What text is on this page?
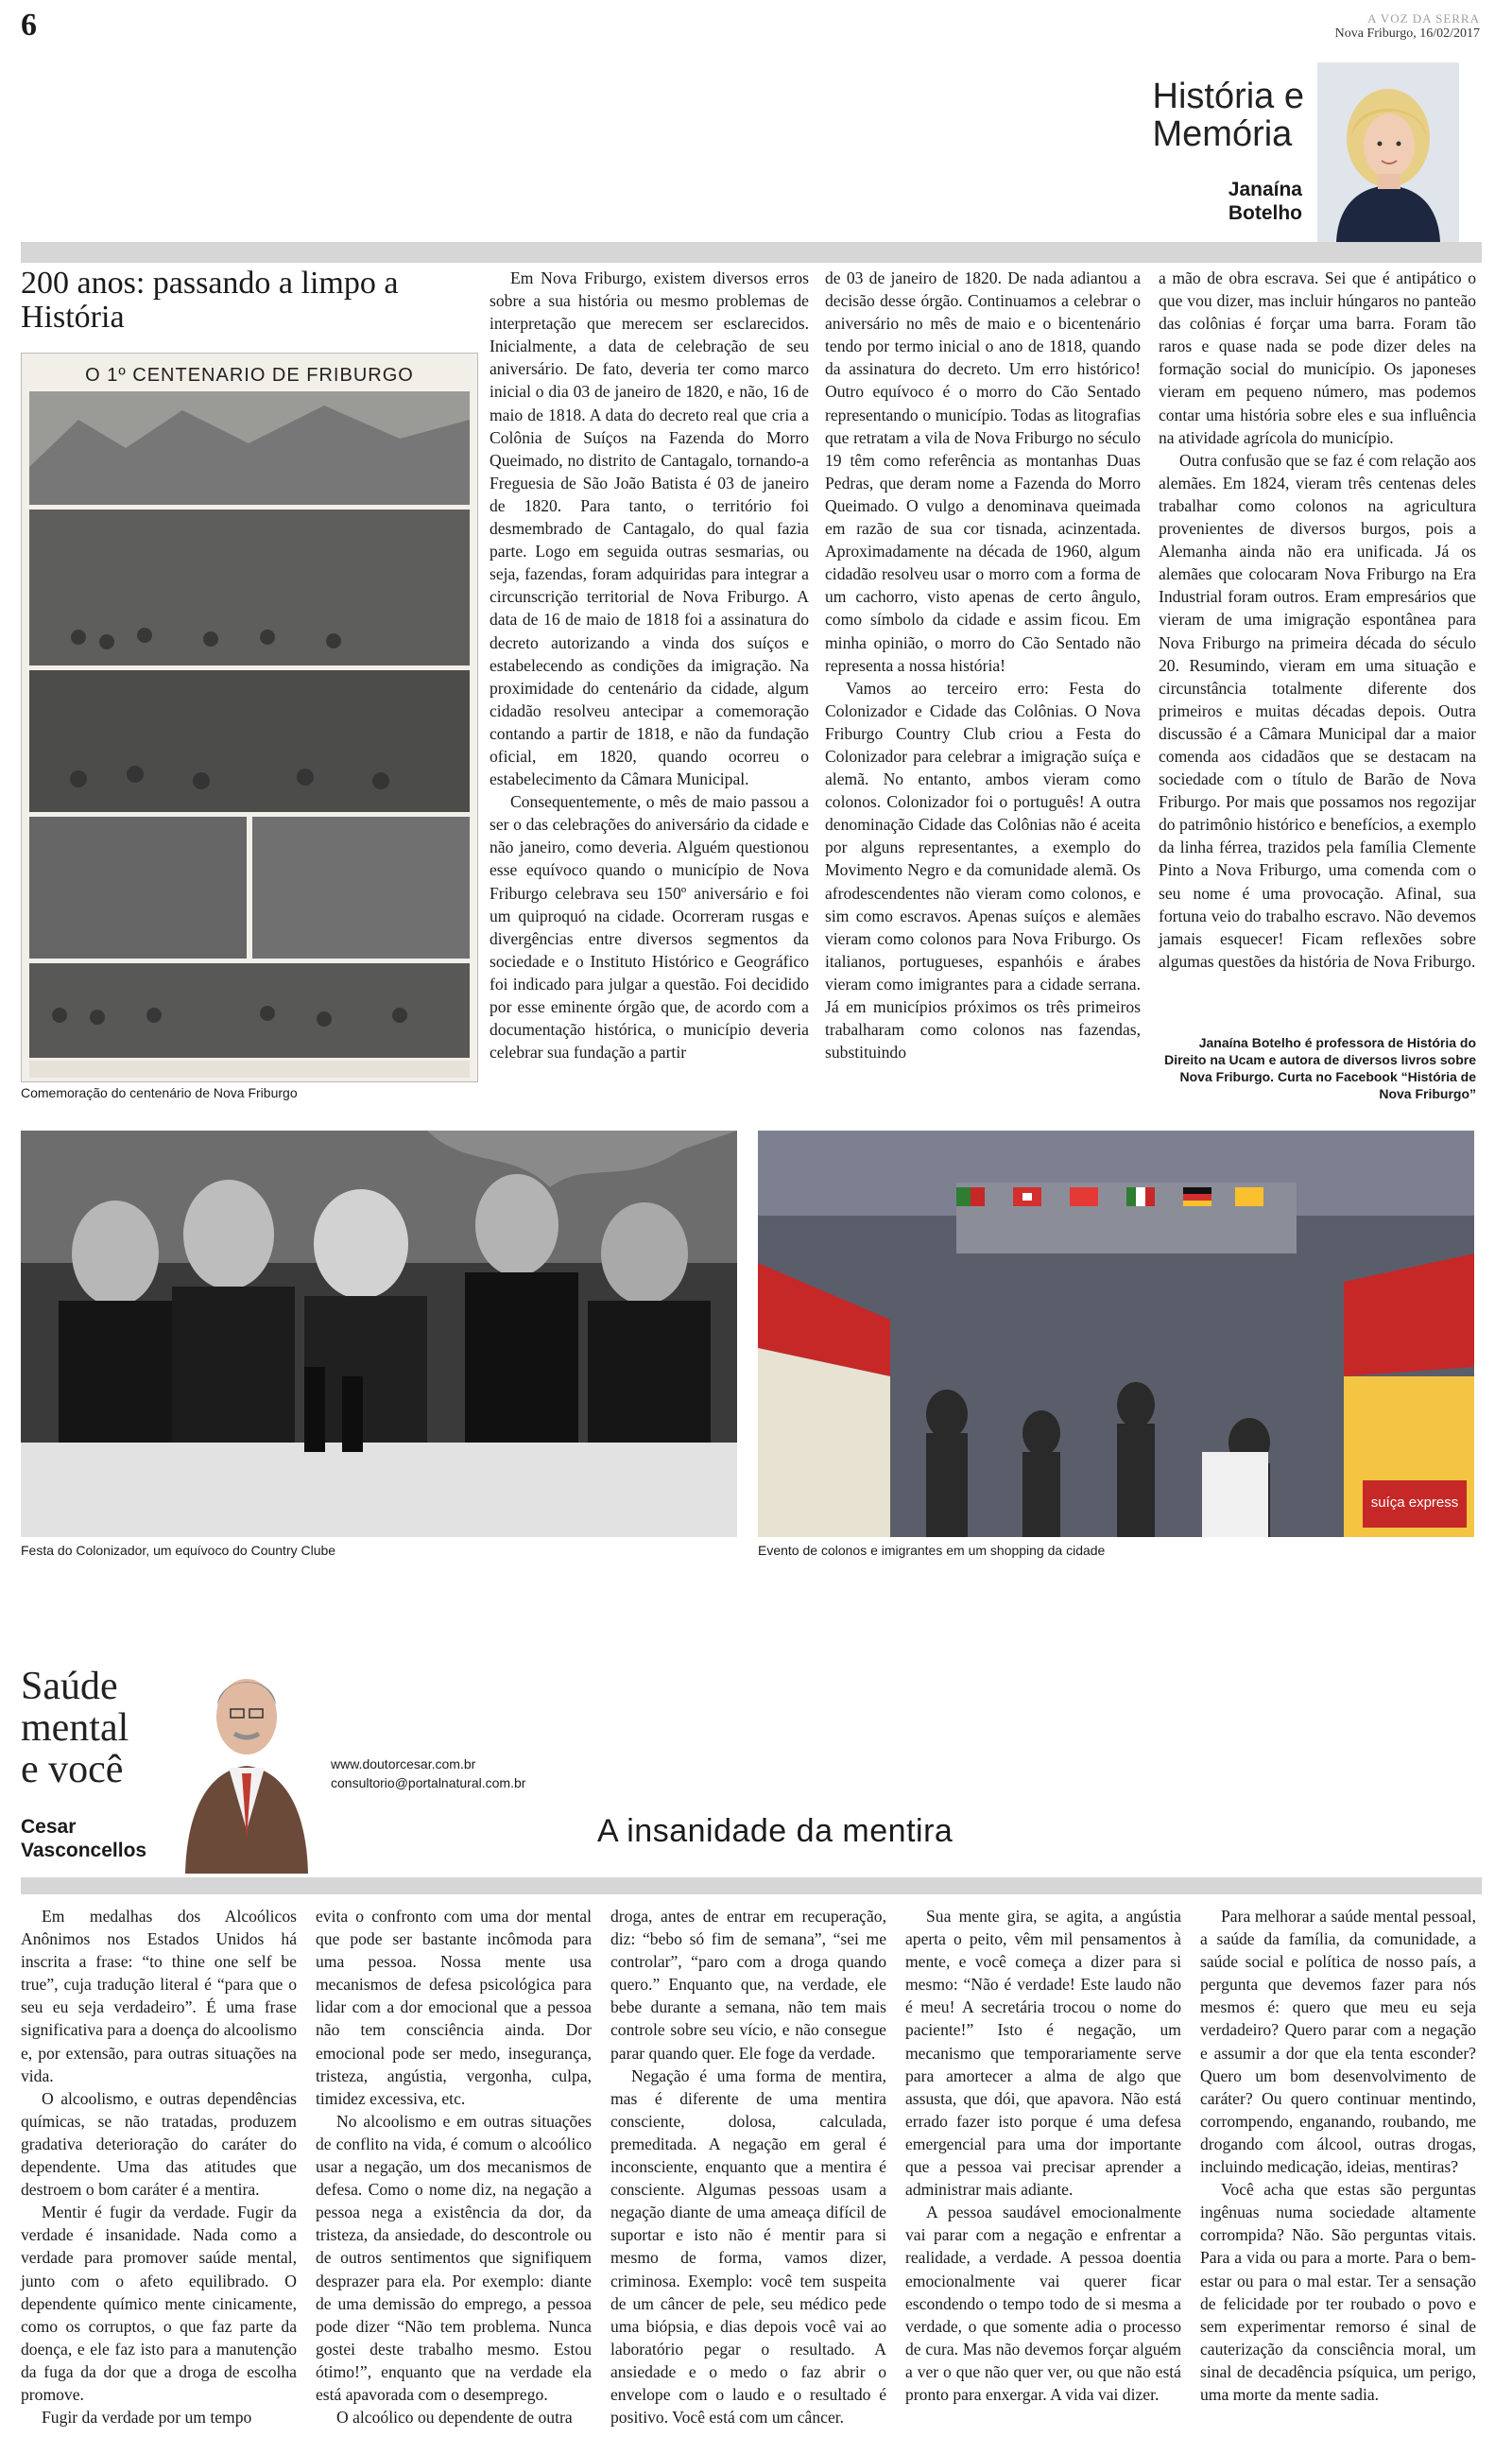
6	A VOZ DA SERRA
Nova Friburgo, 16/02/2017
História e
Memória
Janaína
Botelho
200 anos: passando a limpo a História
O 1º CENTENARIO DE FRIBURGO
Comemoração do centenário de Nova Friburgo

Em Nova Friburgo, existem diversos erros sobre a sua história ou mesmo problemas de interpretação que merecem ser esclarecidos. Inicialmente, a data de celebração de seu aniversário. De fato, deveria ter como marco inicial o dia 03 de janeiro de 1820, e não, 16 de maio de 1818. A data do decreto real que cria a Colônia de Suíços na Fazenda do Morro Queimado, no distrito de Cantagalo, tornando-a Freguesia de São João Batista é 03 de janeiro de 1820. Para tanto, o território foi desmembrado de Cantagalo, do qual fazia parte. Logo em seguida outras sesmarias, ou seja, fazendas, foram adquiridas para integrar a circunscrição territorial de Nova Friburgo. A data de 16 de maio de 1818 foi a assinatura do decreto autorizando a vinda dos suíços e estabelecendo as condições da imigração. Na proximidade do centenário da cidade, algum cidadão resolveu antecipar a comemoração contando a partir de 1818, e não da fundação oficial, em 1820, quando ocorreu o estabelecimento da Câmara Municipal.

Consequentemente, o mês de maio passou a ser o das celebrações do aniversário da cidade e não janeiro, como deveria. Alguém questionou esse equívoco quando o município de Nova Friburgo celebrava seu 150º aniversário e foi um quiproquó na cidade. Ocorreram rusgas e divergências entre diversos segmentos da sociedade e o Instituto Histórico e Geográfico foi indicado para julgar a questão. Foi decidido por esse eminente órgão que, de acordo com a documentação histórica, o município deveria celebrar sua fundação a partir

de 03 de janeiro de 1820. De nada adiantou a decisão desse órgão. Continuamos a celebrar o aniversário no mês de maio e o bicentenário tendo por termo inicial o ano de 1818, quando da assinatura do decreto. Um erro histórico! Outro equívoco é o morro do Cão Sentado representando o município. Todas as litografias que retratam a vila de Nova Friburgo no século 19 têm como referência as montanhas Duas Pedras, que deram nome a Fazenda do Morro Queimado. O vulgo a denominava queimada em razão de sua cor tisnada, acinzentada. Aproximadamente na década de 1960, algum cidadão resolveu usar o morro com a forma de um cachorro, visto apenas de certo ângulo, como símbolo da cidade e assim ficou. Em minha opinião, o morro do Cão Sentado não representa a nossa história!

Vamos ao terceiro erro: Festa do Colonizador e Cidade das Colônias. O Nova Friburgo Country Club criou a Festa do Colonizador para celebrar a imigração suíça e alemã. No entanto, ambos vieram como colonos. Colonizador foi o português! A outra denominação Cidade das Colônias não é aceita por alguns representantes, a exemplo do Movimento Negro e da comunidade alemã. Os afrodescendentes não vieram como colonos, e sim como escravos. Apenas suíços e alemães vieram como colonos para Nova Friburgo. Os italianos, portugueses, espanhóis e árabes vieram como imigrantes para a cidade serrana. Já em municípios próximos os três primeiros trabalharam como colonos nas fazendas, substituindo

a mão de obra escrava. Sei que é antipático o que vou dizer, mas incluir húngaros no panteão das colônias é forçar uma barra. Foram tão raros e quase nada se pode dizer deles na formação social do município. Os japoneses vieram em pequeno número, mas podemos contar uma história sobre eles e sua influência na atividade agrícola do município.

Outra confusão que se faz é com relação aos alemães. Em 1824, vieram três centenas deles trabalhar como colonos na agricultura provenientes de diversos burgos, pois a Alemanha ainda não era unificada. Já os alemães que colocaram Nova Friburgo na Era Industrial foram outros. Eram empresários que vieram de uma imigração espontânea para Nova Friburgo na primeira década do século 20. Resumindo, vieram em uma situação e circunstância totalmente diferente dos primeiros e muitas décadas depois. Outra discussão é a Câmara Municipal dar a maior comenda aos cidadãos que se destacam na sociedade com o título de Barão de Nova Friburgo. Por mais que possamos nos regozijar do patrimônio histórico e benefícios, a exemplo da linha férrea, trazidos pela família Clemente Pinto a Nova Friburgo, uma comenda com o seu nome é uma provocação. Afinal, sua fortuna veio do trabalho escravo. Não devemos jamais esquecer! Ficam reflexões sobre algumas questões da história de Nova Friburgo.

Janaína Botelho é professora de História do Direito na Ucam e autora de diversos livros sobre Nova Friburgo. Curta no Facebook “História de Nova Friburgo”
Festa do Colonizador, um equívoco do Country Clube
suíça express
Evento de colonos e imigrantes em um shopping da cidade
Saúde
mental
e você
Cesar
Vasconcellos
www.doutorcesar.com.br
consultorio@portalnatural.com.br
A insanidade da mentira

Em medalhas dos Alcoólicos Anônimos nos Estados Unidos há inscrita a frase: “to thine one self be true”, cuja tradução literal é “para que o seu eu seja verdadeiro”. É uma frase significativa para a doença do alcoolismo e, por extensão, para outras situações na vida.

O alcoolismo, e outras dependências químicas, se não tratadas, produzem gradativa deterioração do caráter do dependente. Uma das atitudes que destroem o bom caráter é a mentira.

Mentir é fugir da verdade. Fugir da verdade é insanidade. Nada como a verdade para promover saúde mental, junto com o afeto equilibrado. O dependente químico mente cinicamente, como os corruptos, o que faz parte da doença, e ele faz isto para a manutenção da fuga da dor que a droga de escolha promove.

Fugir da verdade por um tempo

evita o confronto com uma dor mental que pode ser bastante incômoda para uma pessoa. Nossa mente usa mecanismos de defesa psicológica para lidar com a dor emocional que a pessoa não tem consciência ainda. Dor emocional pode ser medo, insegurança, tristeza, angústia, vergonha, culpa, timidez excessiva, etc.

No alcoolismo e em outras situações de conflito na vida, é comum o alcoólico usar a negação, um dos mecanismos de defesa. Como o nome diz, na negação a pessoa nega a existência da dor, da tristeza, da ansiedade, do descontrole ou de outros sentimentos que signifiquem desprazer para ela. Por exemplo: diante de uma demissão do emprego, a pessoa pode dizer “Não tem problema. Nunca gostei deste trabalho mesmo. Estou ótimo!”, enquanto que na verdade ela está apavorada com o desemprego.

O alcoólico ou dependente de outra

droga, antes de entrar em recuperação, diz: “bebo só fim de semana”, “sei me controlar”, “paro com a droga quando quero.” Enquanto que, na verdade, ele bebe durante a semana, não tem mais controle sobre seu vício, e não consegue parar quando quer. Ele foge da verdade.

Negação é uma forma de mentira, mas é diferente de uma mentira consciente, dolosa, calculada, premeditada. A negação em geral é inconsciente, enquanto que a mentira é consciente. Algumas pessoas usam a negação diante de uma ameaça difícil de suportar e isto não é mentir para si mesmo de forma, vamos dizer, criminosa. Exemplo: você tem suspeita de um câncer de pele, seu médico pede uma biópsia, e dias depois você vai ao laboratório pegar o resultado. A ansiedade e o medo o faz abrir o envelope com o laudo e o resultado é positivo. Você está com um câncer.

Sua mente gira, se agita, a angústia aperta o peito, vêm mil pensamentos à mente, e você começa a dizer para si mesmo: “Não é verdade! Este laudo não é meu! A secretária trocou o nome do paciente!” Isto é negação, um mecanismo que temporariamente serve para amortecer a alma de algo que assusta, que dói, que apavora. Não está errado fazer isto porque é uma defesa emergencial para uma dor importante que a pessoa vai precisar aprender a administrar mais adiante.

A pessoa saudável emocionalmente vai parar com a negação e enfrentar a realidade, a verdade. A pessoa doentia emocionalmente vai querer ficar escondendo o tempo todo de si mesma a verdade, o que somente adia o processo de cura. Mas não devemos forçar alguém a ver o que não quer ver, ou que não está pronto para enxergar. A vida vai dizer.

Para melhorar a saúde mental pessoal, a saúde da família, da comunidade, a saúde social e política de nosso país, a pergunta que devemos fazer para nós mesmos é: quero que meu eu seja verdadeiro? Quero parar com a negação e assumir a dor que ela tenta esconder? Quero um bom desenvolvimento de caráter? Ou quero continuar mentindo, corrompendo, enganando, roubando, me drogando com álcool, outras drogas, incluindo medicação, ideias, mentiras?

Você acha que estas são perguntas ingênuas numa sociedade altamente corrompida? Não. São perguntas vitais. Para a vida ou para a morte. Para o bem-estar ou para o mal estar. Ter a sensação de felicidade por ter roubado o povo e sem experimentar remorso é sinal de cauterização da consciência moral, um sinal de decadência psíquica, um perigo, uma morte da mente sadia.
